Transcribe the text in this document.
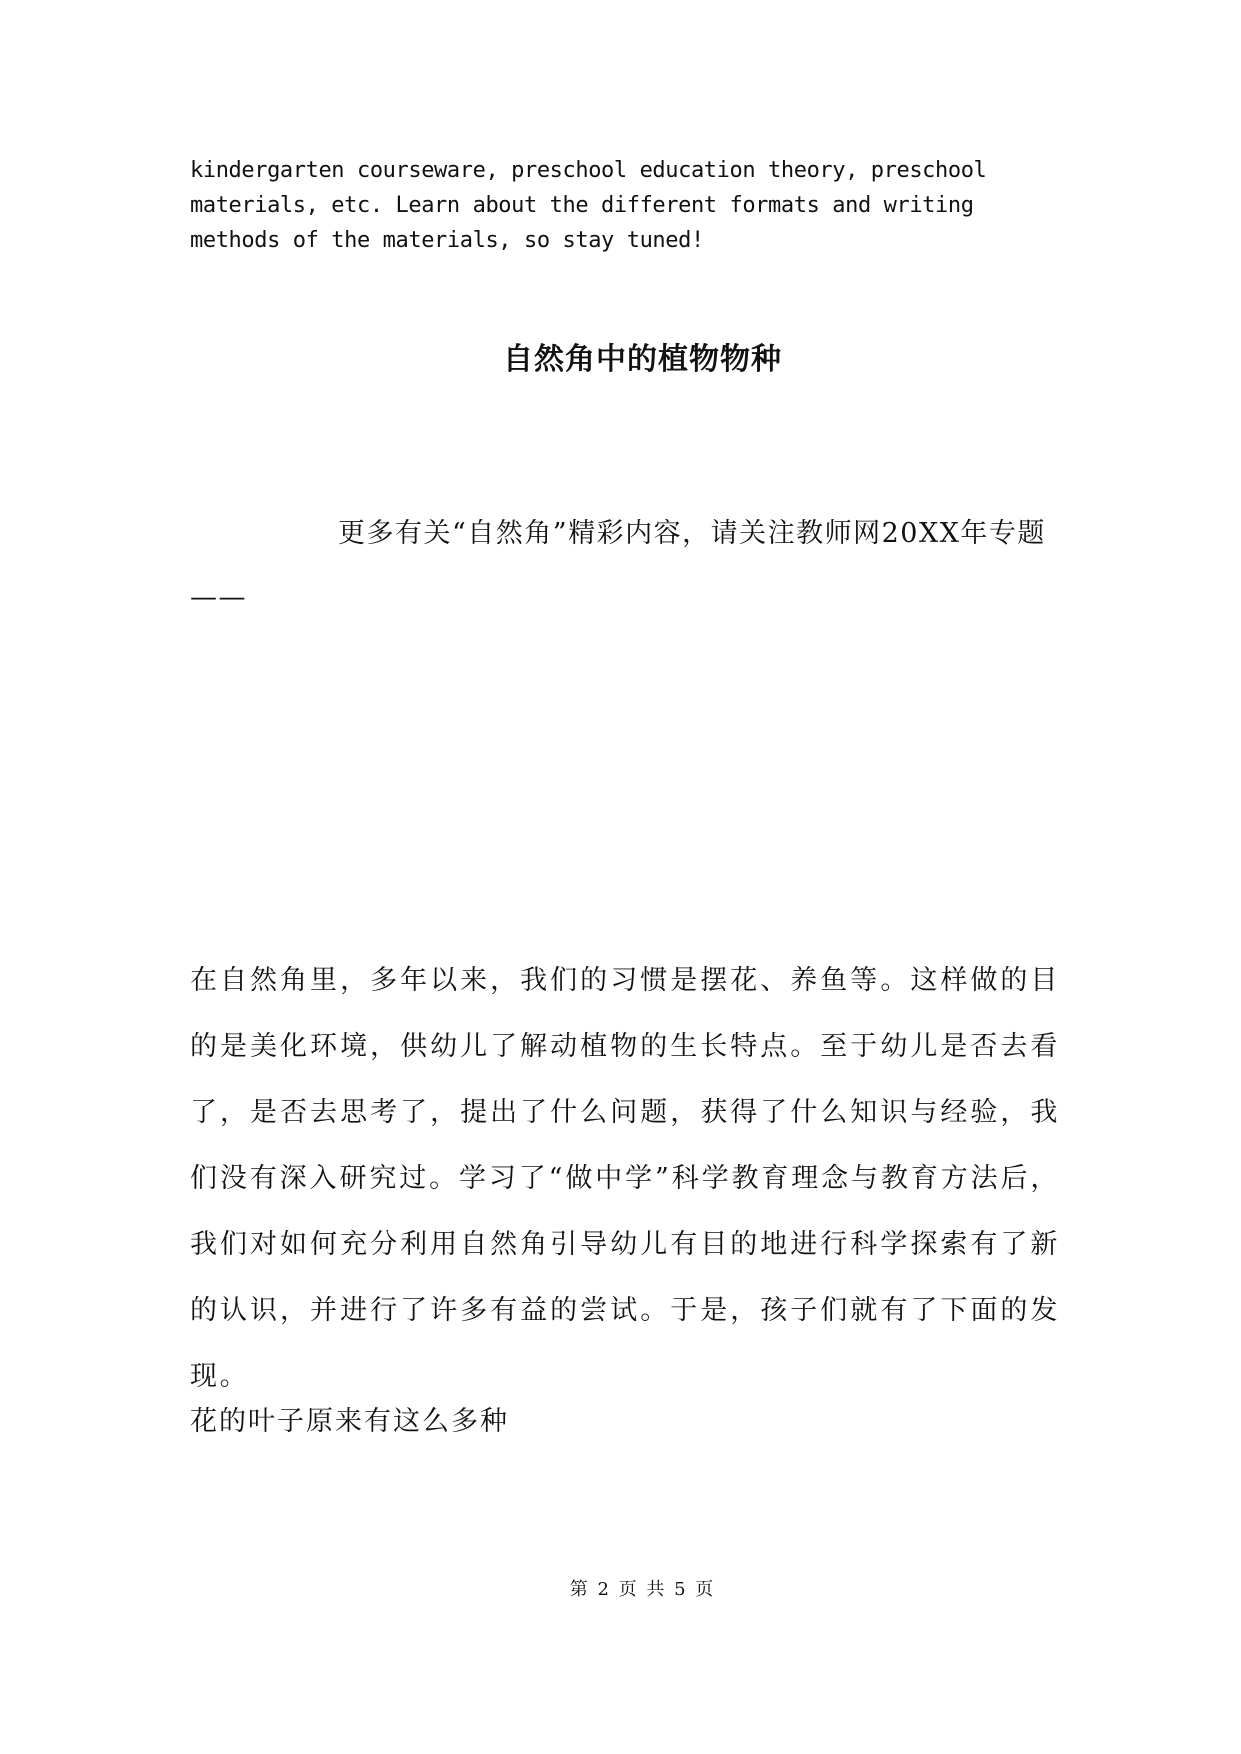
kindergarten courseware, preschool education theory, preschool materials, etc. Learn about the different formats and writing methods of the materials, so stay tuned!

自然角中的植物物种

更多有关“自然角”精彩内容，请关注教师网20XX年专题——

在自然角里，多年以来，我们的习惯是摆花、养鱼等。这样做的目的是美化环境，供幼儿了解动植物的生长特点。至于幼儿是否去看了，是否去思考了，提出了什么问题，获得了什么知识与经验，我们没有深入研究过。学习了“做中学”科学教育理念与教育方法后，我们对如何充分利用自然角引导幼儿有目的地进行科学探索有了新的认识，并进行了许多有益的尝试。于是，孩子们就有了下面的发现。

花的叶子原来有这么多种

第 2 页 共 5 页
